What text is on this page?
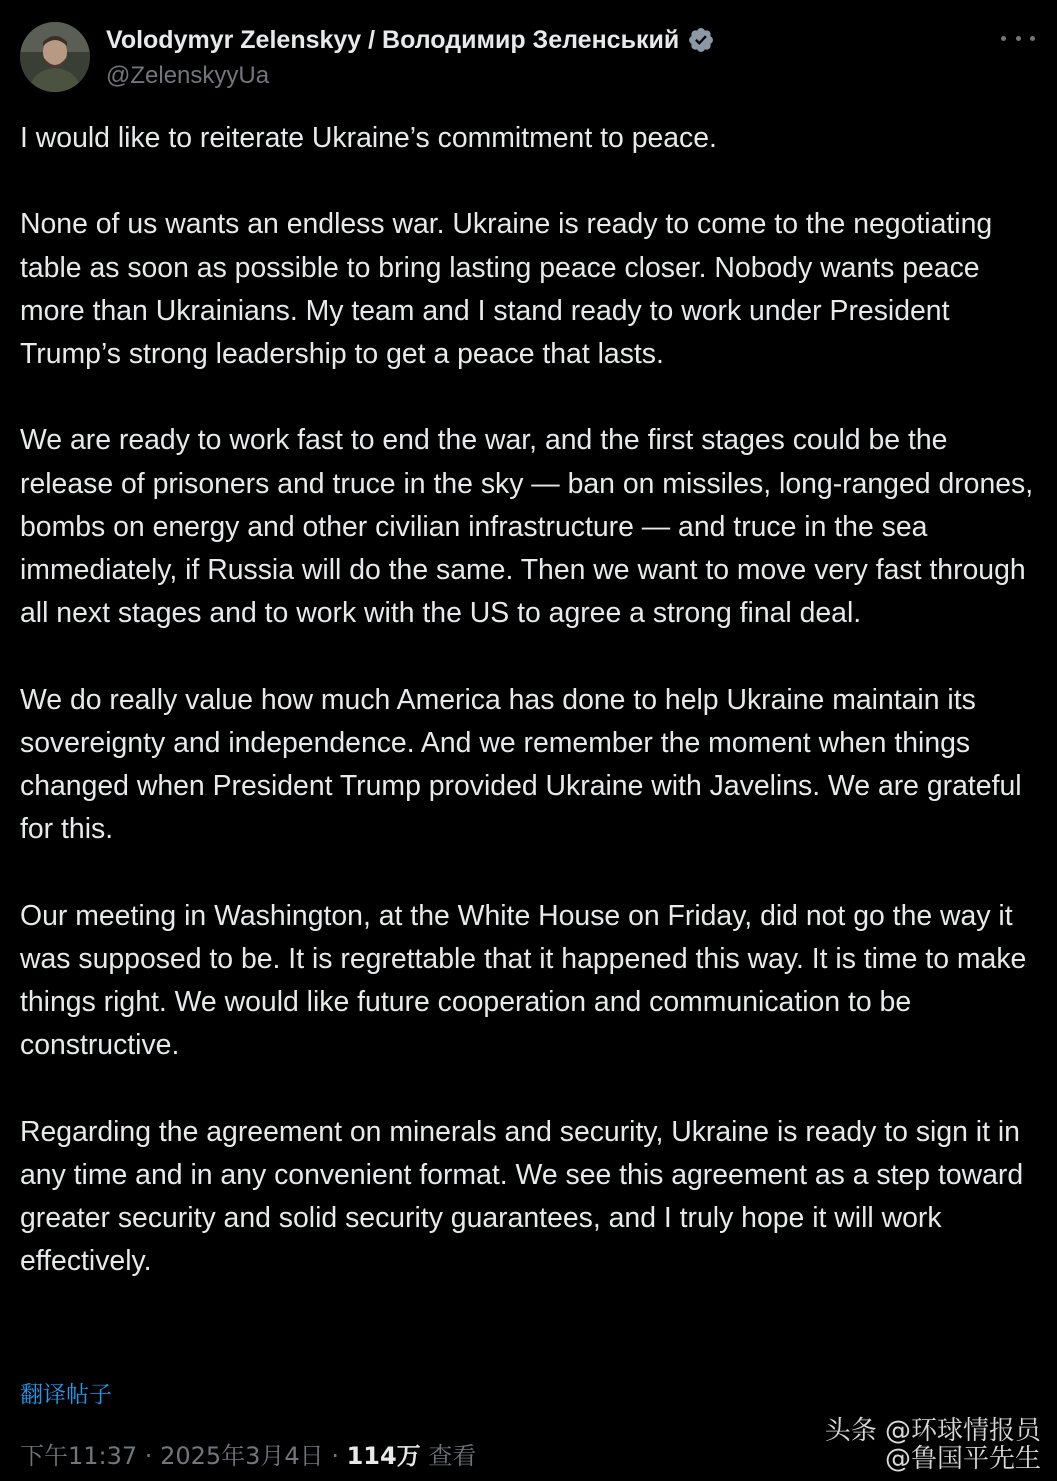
Volodymyr Zelenskyy / Володимир Зеленський
@ZelenskyyUa

I would like to reiterate Ukraine’s commitment to peace.

None of us wants an endless war. Ukraine is ready to come to the negotiating table as soon as possible to bring lasting peace closer. Nobody wants peace more than Ukrainians. My team and I stand ready to work under President Trump’s strong leadership to get a peace that lasts.

We are ready to work fast to end the war, and the first stages could be the release of prisoners and truce in the sky — ban on missiles, long-ranged drones, bombs on energy and other civilian infrastructure — and truce in the sea immediately, if Russia will do the same. Then we want to move very fast through all next stages and to work with the US to agree a strong final deal.

We do really value how much America has done to help Ukraine maintain its sovereignty and independence. And we remember the moment when things changed when President Trump provided Ukraine with Javelins. We are grateful for this.

Our meeting in Washington, at the White House on Friday, did not go the way it was supposed to be. It is regrettable that it happened this way. It is time to make things right. We would like future cooperation and communication to be constructive.

Regarding the agreement on minerals and security, Ukraine is ready to sign it in any time and in any convenient format. We see this agreement as a step toward greater security and solid security guarantees, and I truly hope it will work effectively.

翻译帖子
下午11:37 · 2025年3月4日 · 114万 查看
头条 @环球情报员
@鲁国平先生
